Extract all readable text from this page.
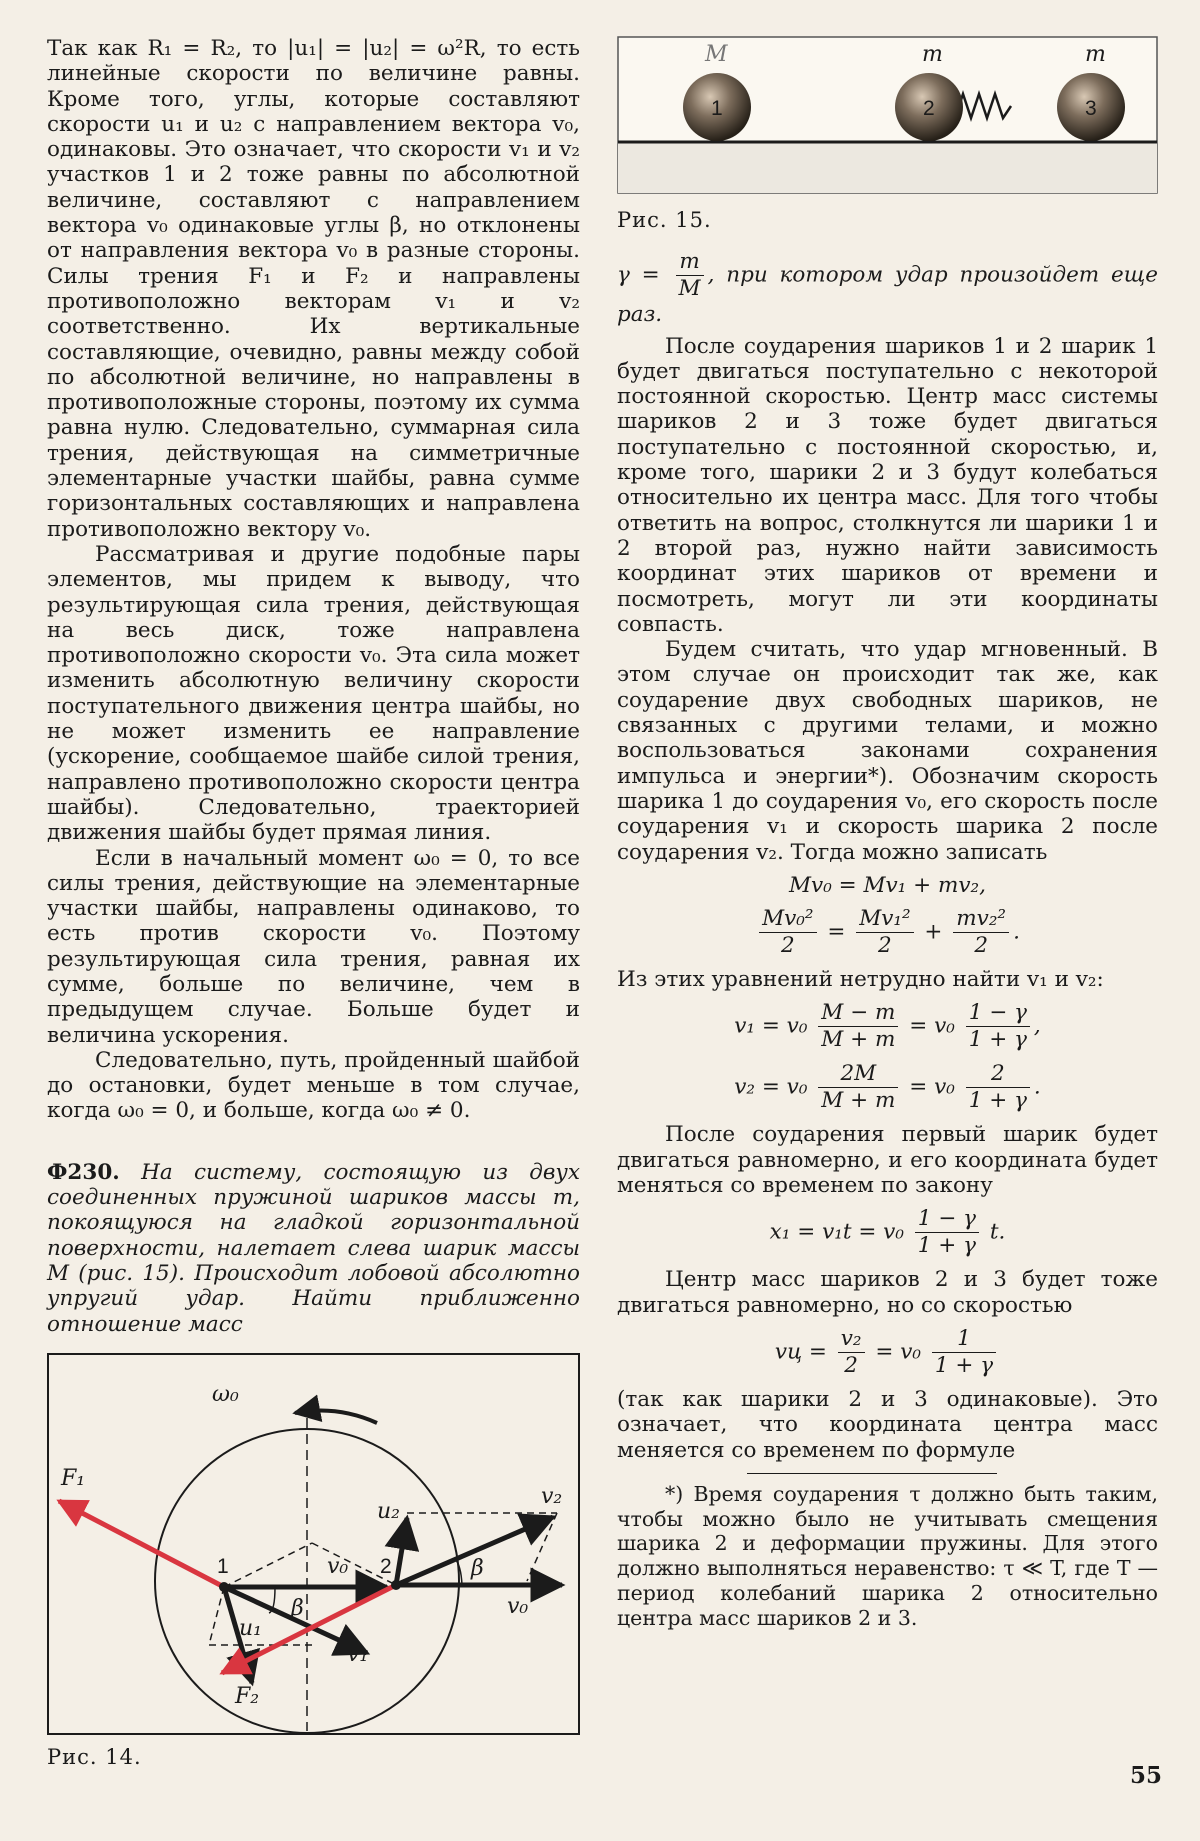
Так как R₁ = R₂, то |u₁| = |u₂| = ω²R, то есть линейные скорости по величине равны. Кроме того, углы, которые составляют скорости u₁ и u₂ с направлением вектора v₀, одинаковы. Это означает, что скорости v₁ и v₂ участков 1 и 2 тоже равны по абсолютной величине, составляют с направлением вектора v₀ одинаковые углы β, но отклонены от направления вектора v₀ в разные стороны. Силы трения F₁ и F₂ и направлены противоположно векторам v₁ и v₂ соответственно. Их вертикальные составляющие, очевидно, равны между собой по абсолютной величине, но направлены в противоположные стороны, поэтому их сумма равна нулю. Следовательно, суммарная сила трения, действующая на симметричные элементарные участки шайбы, равна сумме горизонтальных составляющих и направлена противоположно вектору v₀.

Рассматривая и другие подобные пары элементов, мы придем к выводу, что результирующая сила трения, действующая на весь диск, тоже направлена противоположно скорости v₀. Эта сила может изменить абсолютную величину скорости поступательного движения центра шайбы, но не может изменить ее направление (ускорение, сообщаемое шайбе силой трения, направлено противоположно скорости центра шайбы). Следовательно, траекторией движения шайбы будет прямая линия.

Если в начальный момент ω₀ = 0, то все силы трения, действующие на элементарные участки шайбы, направлены одинаково, то есть против скорости v₀. Поэтому результирующая сила трения, равная их сумме, больше по величине, чем в предыдущем случае. Больше будет и величина ускорения.

Следовательно, путь, пройденный шайбой до остановки, будет меньше в том случае, когда ω₀ = 0, и больше, когда ω₀ ≠ 0.

Ф230. На систему, состоящую из двух соединенных пружиной шариков массы m, покоящуюся на гладкой горизонтальной поверхности, налетает слева шарик массы M (рис. 15). Происходит лобовой абсолютно упругий удар. Найти приближенно отношение масс

ω₀
1	2
F₁
F₂
u₁
u₂
v₁
v₂
v₀
v₀
β
β

Рис. 14.

1	2	3
M	m	m

Рис. 15.

$\gamma = \frac{m}{M}$ , при котором удар произойдет еще раз.

После соударения шариков 1 и 2 шарик 1 будет двигаться поступательно с некоторой постоянной скоростью. Центр масс системы шариков 2 и 3 тоже будет двигаться поступательно с постоянной скоростью, и, кроме того, шарики 2 и 3 будут колебаться относительно их центра масс. Для того чтобы ответить на вопрос, столкнутся ли шарики 1 и 2 второй раз, нужно найти зависимость координат этих шариков от времени и посмотреть, могут ли эти координаты совпасть.

Будем считать, что удар мгновенный. В этом случае он происходит так же, как соударение двух свободных шариков, не связанных с другими телами, и можно воспользоваться законами сохранения импульса и энергии*). Обозначим скорость шарика 1 до соударения v₀, его скорость после соударения v₁ и скорость шарика 2 после соударения v₂. Тогда можно записать

Mv₀ = Mv₁ + mv₂,

$\frac{\text{Mv₀²}}{2} = \frac{\text{Mv₁²}}{2} + \frac{\text{mv₂²}}{2}$ .

Из этих уравнений нетрудно найти v₁ и v₂:

$v_1 = v_0 \frac{M - m}{M + m} = v_0 \frac{1 - \gamma}{1 + \gamma}$ ,

$v_2 = v_0 \frac{2M}{M + m} = v_0 \frac{2}{1 + \gamma}$ .

После соударения первый шарик будет двигаться равномерно, и его координата будет меняться со временем по закону

$x_1 = v_1t = v_0 \frac{1 - \gamma}{1 + \gamma} t$.

Центр масс шариков 2 и 3 будет тоже двигаться равномерно, но со скоростью

vц = $\frac{\text{v₂}}{2} = v_0 \frac{1}{1 + \gamma}$

(так как шарики 2 и 3 одинаковые). Это означает, что координата центра масс меняется со временем по формуле

*) Время соударения τ должно быть таким, чтобы можно было не учитывать смещения шарика 2 и деформации пружины. Для этого должно выполняться неравенство: τ ≪ T, где T — период колебаний шарика 2 относительно центра масс шариков 2 и 3.

55
